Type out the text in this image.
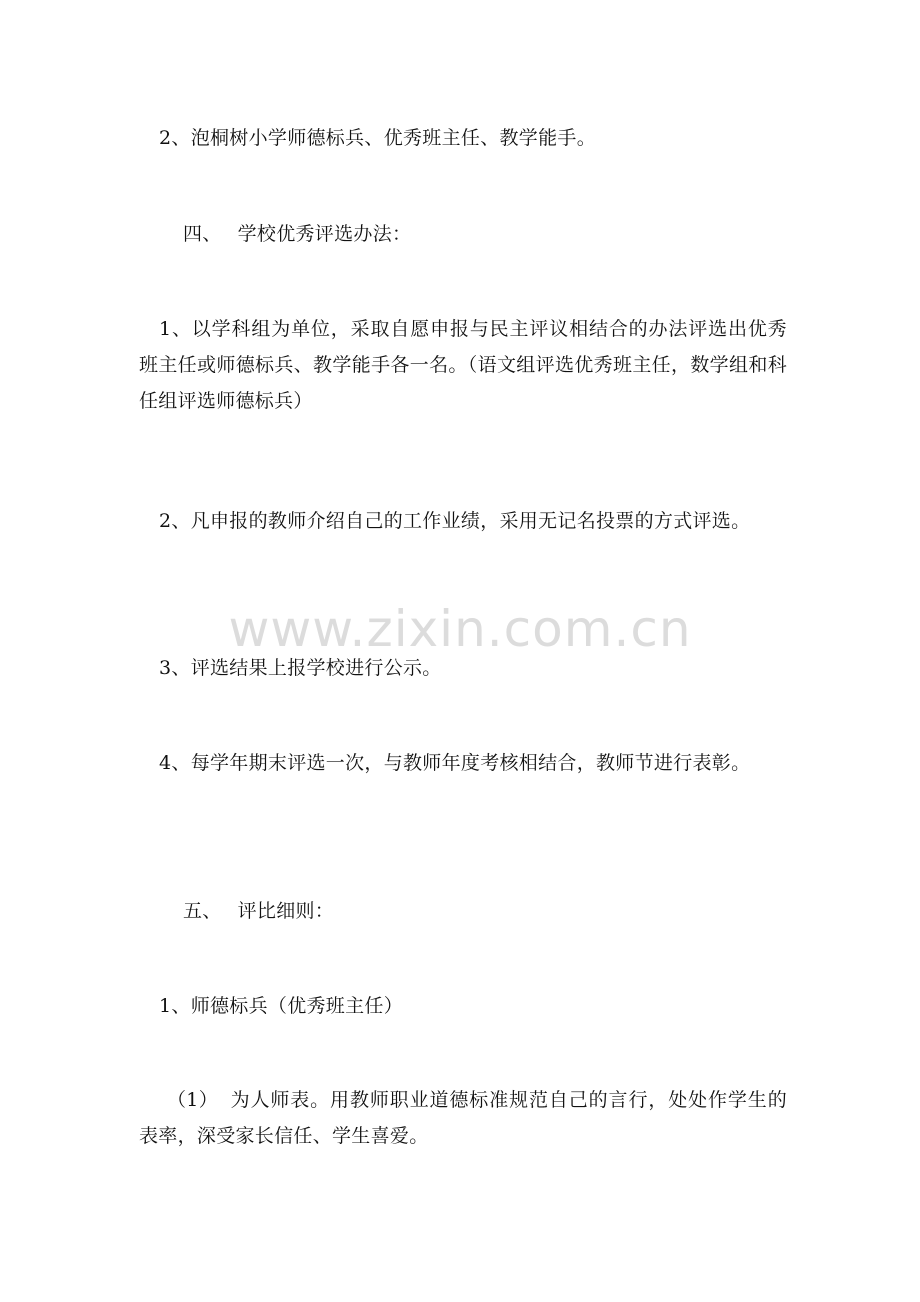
2、泡桐树小学师德标兵、优秀班主任、教学能手。

四、 学校优秀评选办法：

1、以学科组为单位，采取自愿申报与民主评议相结合的办法评选出优秀班主任或师德标兵、教学能手各一名。（语文组评选优秀班主任，数学组和科任组评选师德标兵）

2、凡申报的教师介绍自己的工作业绩，采用无记名投票的方式评选。

3、评选结果上报学校进行公示。

4、每学年期末评选一次，与教师年度考核相结合，教师节进行表彰。

五、 评比细则：

1、师德标兵（优秀班主任）

（1） 为人师表。用教师职业道德标准规范自己的言行，处处作学生的表率，深受家长信任、学生喜爱。

www.zixin.com.cn
